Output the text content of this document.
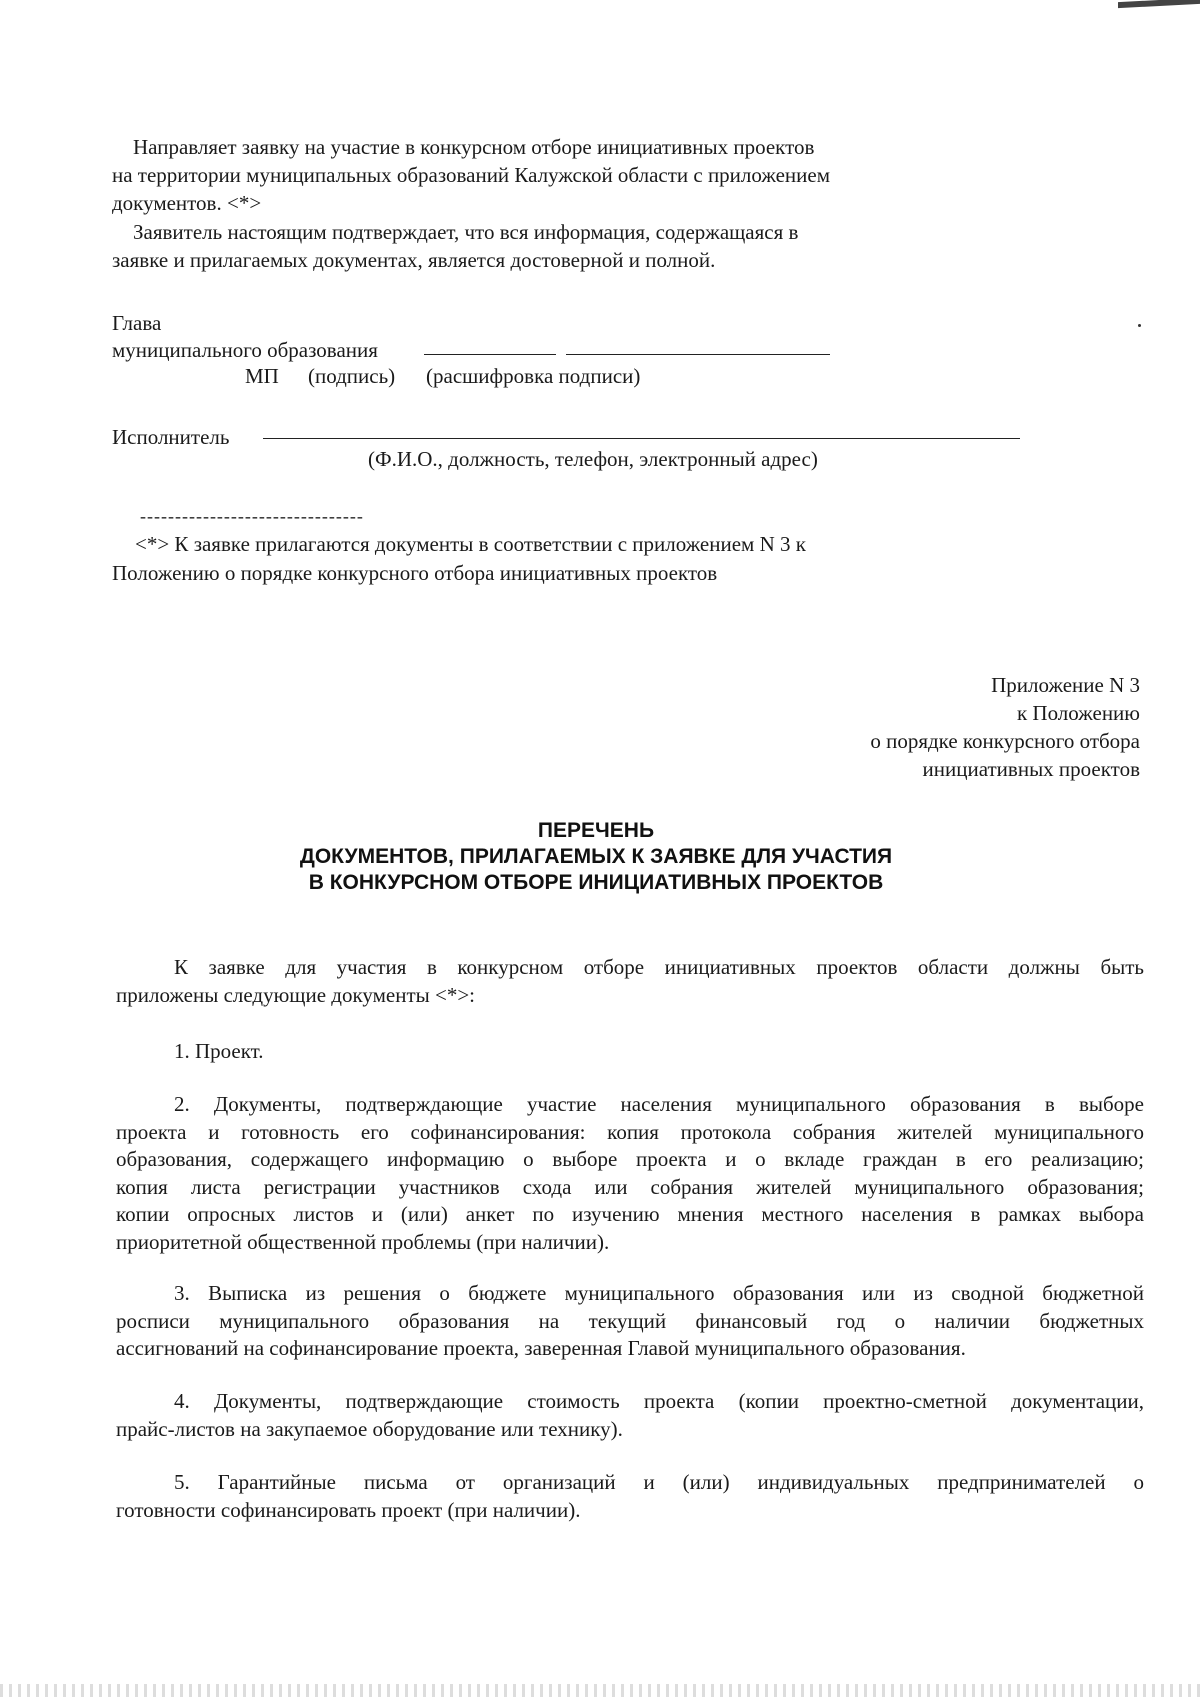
Направляет заявку на участие в конкурсном отборе инициативных проектов
на территории муниципальных образований Калужской области с приложением
документов. <*>
Заявитель настоящим подтверждает, что вся информация, содержащаяся в
заявке и прилагаемых документах, является достоверной и полной.
Глава
муниципального образования
МП (подпись) (расшифровка подписи)
Исполнитель
(Ф.И.О., должность, телефон, электронный адрес)
--------------------------------
<*> К заявке прилагаются документы в соответствии с приложением N 3 к
Положению о порядке конкурсного отбора инициативных проектов
Приложение N 3
к Положению
о порядке конкурсного отбора
инициативных проектов
ПЕРЕЧЕНЬ
ДОКУМЕНТОВ, ПРИЛАГАЕМЫХ К ЗАЯВКЕ ДЛЯ УЧАСТИЯ
В КОНКУРСНОМ ОТБОРЕ ИНИЦИАТИВНЫХ ПРОЕКТОВ
К заявке для участия в конкурсном отборе инициативных проектов области должны быть
приложены следующие документы <*>:
1. Проект.
2. Документы, подтверждающие участие населения муниципального образования в выборе
проекта и готовность его софинансирования: копия протокола собрания жителей муниципального
образования, содержащего информацию о выборе проекта и о вкладе граждан в его реализацию;
копия листа регистрации участников схода или собрания жителей муниципального образования;
копии опросных листов и (или) анкет по изучению мнения местного населения в рамках выбора
приоритетной общественной проблемы (при наличии).
3. Выписка из решения о бюджете муниципального образования или из сводной бюджетной
росписи муниципального образования на текущий финансовый год о наличии бюджетных
ассигнований на софинансирование проекта, заверенная Главой муниципального образования.
4. Документы, подтверждающие стоимость проекта (копии проектно-сметной документации,
прайс-листов на закупаемое оборудование или технику).
5. Гарантийные письма от организаций и (или) индивидуальных предпринимателей о
готовности софинансировать проект (при наличии).
